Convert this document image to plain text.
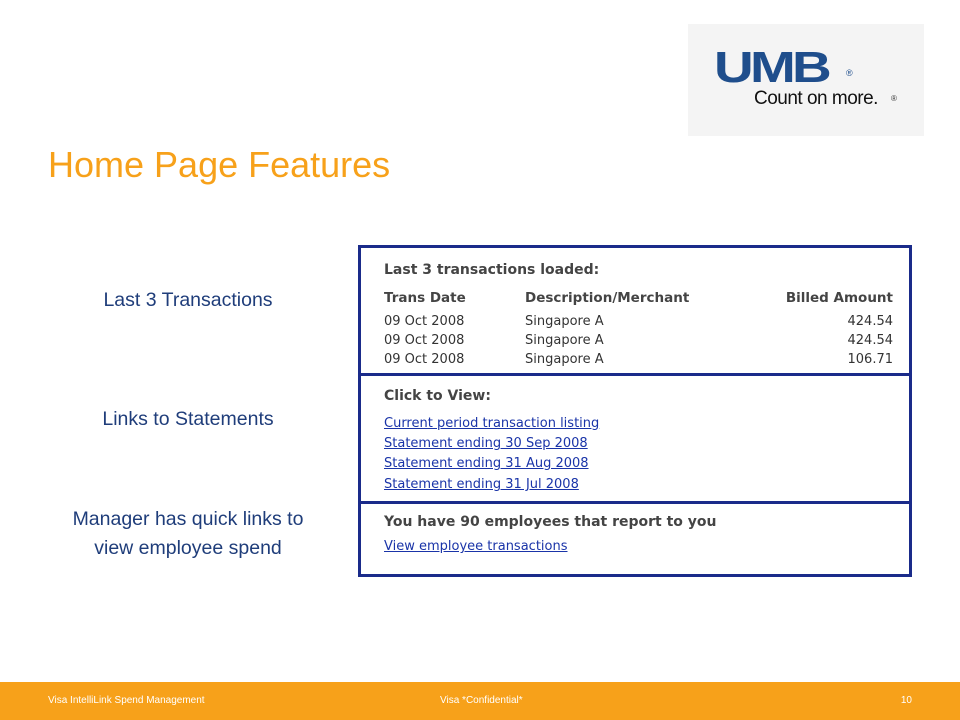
UMB ®
Count on more. ®
Home Page Features
Last 3 Transactions
Links to Statements
Manager has quick links to
view employee spend
Last 3 transactions loaded:
Trans Date	Description/Merchant	Billed Amount
09 Oct 2008	Singapore A	424.54
09 Oct 2008	Singapore A	424.54
09 Oct 2008	Singapore A	106.71
Click to View:
Current period transaction listing
Statement ending 30 Sep 2008
Statement ending 31 Aug 2008
Statement ending 31 Jul 2008
You have 90 employees that report to you
View employee transactions
Visa IntelliLink Spend Management	Visa *Confidential*	10
